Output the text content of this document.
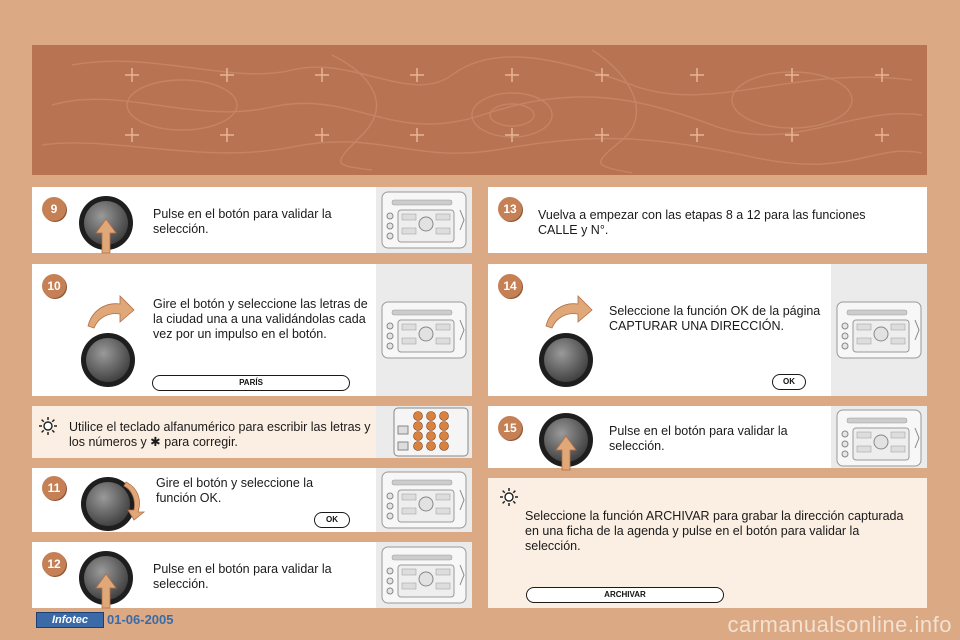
9	Pulse en el botón para validar la selección.
10
Gire el botón y seleccione las letras de la ciudad una a una validándolas cada vez por un impulso en el botón.
PARÍS
Utilice el teclado alfanumérico para escribir las letras y los números y ✱ para corregir.
11	Gire el botón y seleccione la función OK.
OK
12	Pulse en el botón para validar la selección.
13	Vuelva a empezar con las etapas 8 a 12 para las funciones CALLE y N°.
14
Seleccione la función OK de la página CAPTURAR UNA DIRECCIÓN.
OK
15	Pulse en el botón para validar la selección.
Seleccione la función ARCHIVAR para grabar la dirección capturada en una ficha de la agenda y pulse en el botón para validar la selección.
ARCHIVAR
Infotec	01-06-2005	carmanualsonline.info
